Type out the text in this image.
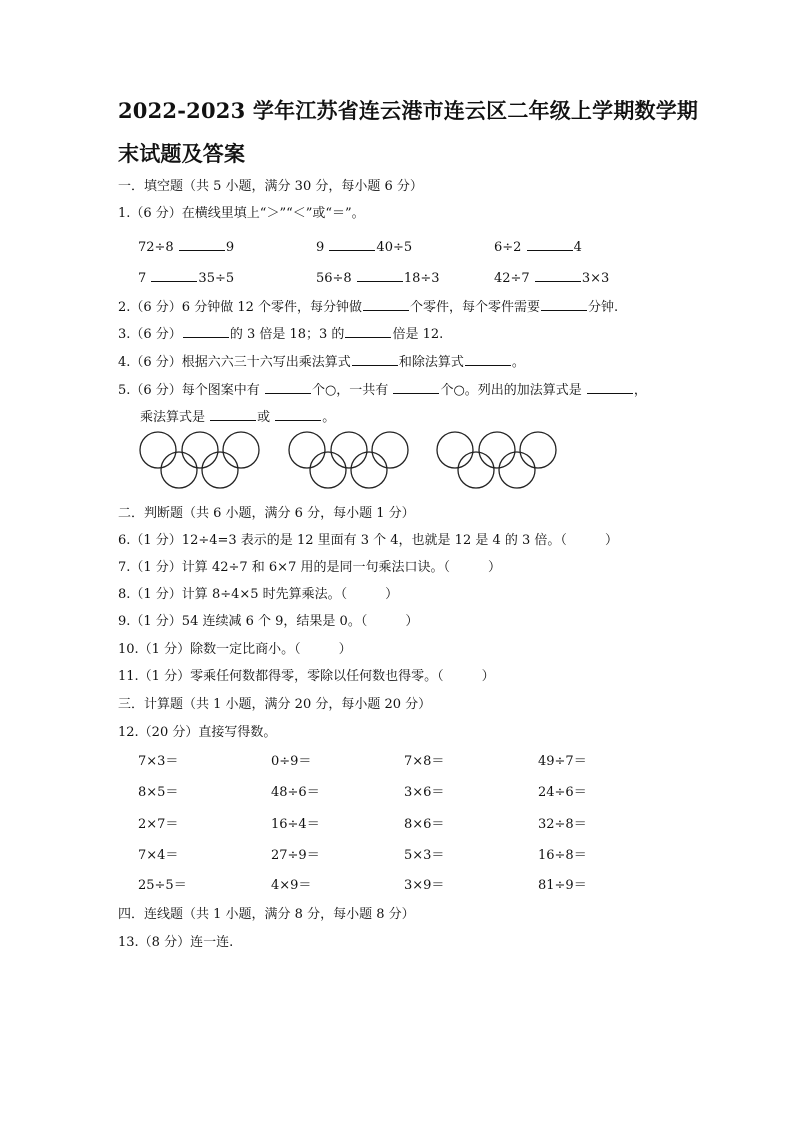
2022-2023 学年江苏省连云港市连云区二年级上学期数学期
末试题及答案
一．填空题（共 5 小题，满分 30 分，每小题 6 分）
1.（6 分）在横线里填上“＞”“＜”或“＝”。
72÷8	9	9	40÷5	6÷2	4
7	35÷5	56÷8	18÷3	42÷7	3×3
2.（6 分）6 分钟做 12 个零件，每分钟做	个零件，每个零件需要	分钟.
3.（6 分）	的 3 倍是 18；3 的	倍是 12.
4.（6 分）根据六六三十六写出乘法算式	和除法算式	。
5.（6 分）每个图案中有	个○，一共有	个○。列出的加法算式是	，
乘法算式是	或	。
二．判断题（共 6 小题，满分 6 分，每小题 1 分）
6.（1 分）12÷4=3 表示的是 12 里面有 3 个 4，也就是 12 是 4 的 3 倍。（	）
7.（1 分）计算 42÷7 和 6×7 用的是同一句乘法口诀。（	）
8.（1 分）计算 8÷4×5 时先算乘法。（	）
9.（1 分）54 连续减 6 个 9，结果是 0。（	）
10.（1 分）除数一定比商小。（	）
11.（1 分）零乘任何数都得零，零除以任何数也得零。（	）
三．计算题（共 1 小题，满分 20 分，每小题 20 分）
12.（20 分）直接写得数。
7×3＝	0÷9＝	7×8＝	49÷7＝
8×5＝	48÷6＝	3×6＝	24÷6＝
2×7＝	16÷4＝	8×6＝	32÷8＝
7×4＝	27÷9＝	5×3＝	16÷8＝
25÷5＝	4×9＝	3×9＝	81÷9＝
四．连线题（共 1 小题，满分 8 分，每小题 8 分）
13.（8 分）连一连.
